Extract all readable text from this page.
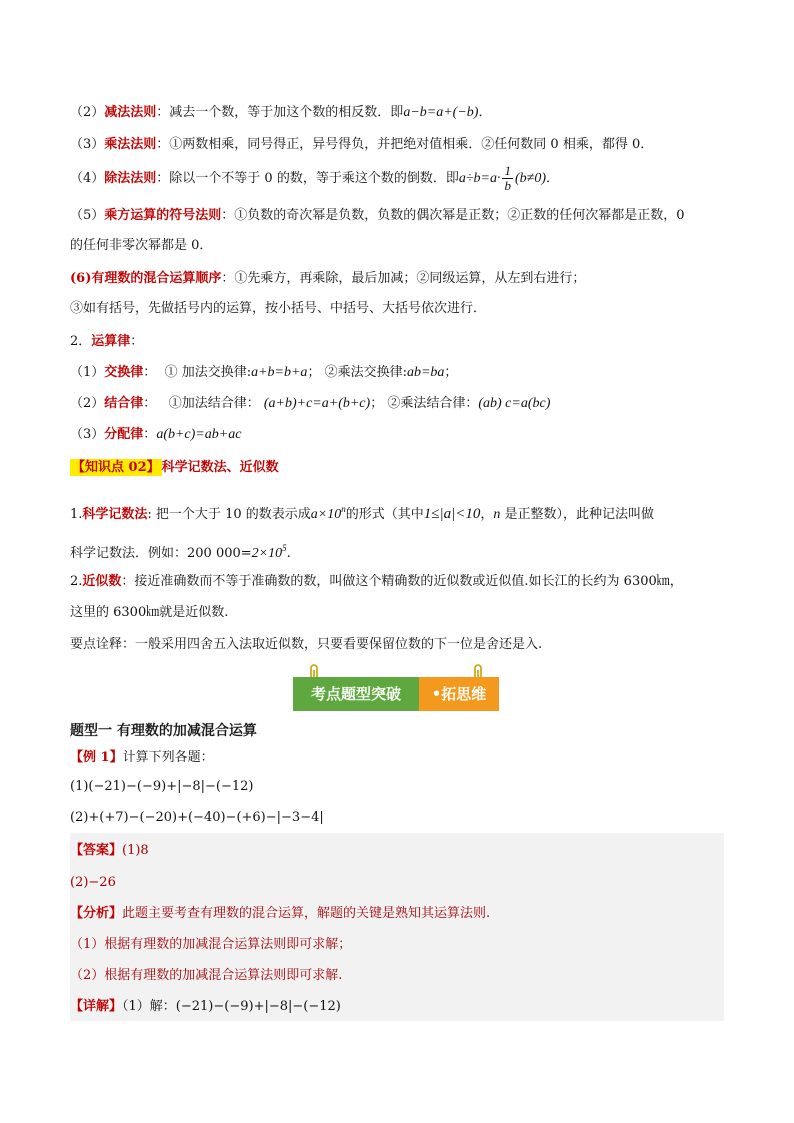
（2）减法法则：减去一个数，等于加这个数的相反数．即a−b=a+(−b)．
（3）乘法法则：①两数相乘，同号得正，异号得负，并把绝对值相乘．②任何数同 0 相乘，都得 0．
（4）除法法则：除以一个不等于 0 的数，等于乘这个数的倒数．即$a\div b=a\cdot \frac{1}{b} (b\ne 0)$．
（5）乘方运算的符号法则：①负数的奇次幂是负数，负数的偶次幂是正数；②正数的任何次幂都是正数，0
的任何非零次幂都是 0．
(6)有理数的混合运算顺序：①先乘方，再乘除，最后加减；②同级运算，从左到右进行；
③如有括号，先做括号内的运算，按小括号、中括号、大括号依次进行．
2．运算律：
（1）交换律： ① 加法交换律:a+b=b+a； ②乘法交换律:ab=ba；
（2）结合律： ①加法结合律： (a+b)+c=a+(b+c)； ②乘法结合律：(ab) c=a(bc)
（3）分配律：a(b+c)=ab+ac
【知识点 02】 科学记数法、近似数
1.科学记数法: 把一个大于 10 的数表示成$a\times 10^n$的形式（其中1≤|a|<10，n 是正整数），此种记法叫做
科学记数法．例如：200 $000=2\times 10^5$.
2.近似数：接近准确数而不等于准确数的数，叫做这个精确数的近似数或近似值.如长江的长约为 6300㎞，
这里的 6300㎞就是近似数.
要点诠释：一般采用四舍五入法取近似数，只要看要保留位数的下一位是舍还是入.
考点题型突破	•拓思维
题型一 有理数的加减混合运算
【例 1】计算下列各题：
(1)(−21)−(−9)+|−8|−(−12)
(2)+(+7)−(−20)+(−40)−(+6)−|−3−4|
【答案】(1)8
(2)−26
【分析】此题主要考查有理数的混合运算，解题的关键是熟知其运算法则.
（1）根据有理数的加减混合运算法则即可求解；
（2）根据有理数的加减混合运算法则即可求解.
【详解】（1）解：(−21)−(−9)+|−8|−(−12)
